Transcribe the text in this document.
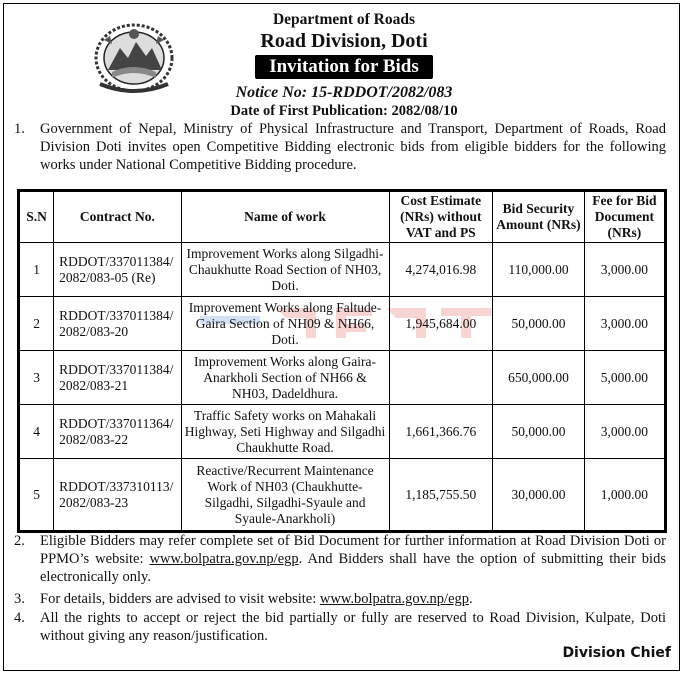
Department of Roads
Road Division, Doti
Invitation for Bids
Notice No: 15-RDDOT/2082/083
Date of First Publication: 2082/08/10
1. Government of Nepal, Ministry of Physical Infrastructure and Transport, Department of Roads, Road Division Doti invites open Competitive Bidding electronic bids from eligible bidders for the following works under National Competitive Bidding procedure.
S.N	Contract No.	Name of work	Cost Estimate (NRs) without VAT and PS	Bid Security Amount (NRs)	Fee for Bid Document (NRs)
1	RDDOT/337011384/ 2082/083-05 (Re)	Improvement Works along Silgadhi-Chaukhutte Road Section of NH03, Doti.	4,274,016.98	110,000.00	3,000.00
2	RDDOT/337011384/ 2082/083-20	Improvement Works along Faltude-Gaira Section of NH09 & NH66, Doti.	1,945,684.00	50,000.00	3,000.00
3	RDDOT/337011384/ 2082/083-21	Improvement Works along Gaira-Anarkholi Section of NH66 & NH03, Dadeldhura.		650,000.00	5,000.00
4	RDDOT/337011364/ 2082/083-22	Traffic Safety works on Mahakali Highway, Seti Highway and Silgadhi Chaukhutte Road.	1,661,366.76	50,000.00	3,000.00
5	RDDOT/337310113/ 2082/083-23	Reactive/Recurrent Maintenance Work of NH03 (Chaukhutte-Silgadhi, Silgadhi-Syaule and Syaule-Anarkholi)	1,185,755.50	30,000.00	1,000.00
2. Eligible Bidders may refer complete set of Bid Document for further information at Road Division Doti or PPMO’s website: www.bolpatra.gov.np/egp. And Bidders shall have the option of submitting their bids electronically only.
3. For details, bidders are advised to visit website: www.bolpatra.gov.np/egp.
4. All the rights to accept or reject the bid partially or fully are reserved to Road Division, Kulpate, Doti without giving any reason/justification.
Division Chief
